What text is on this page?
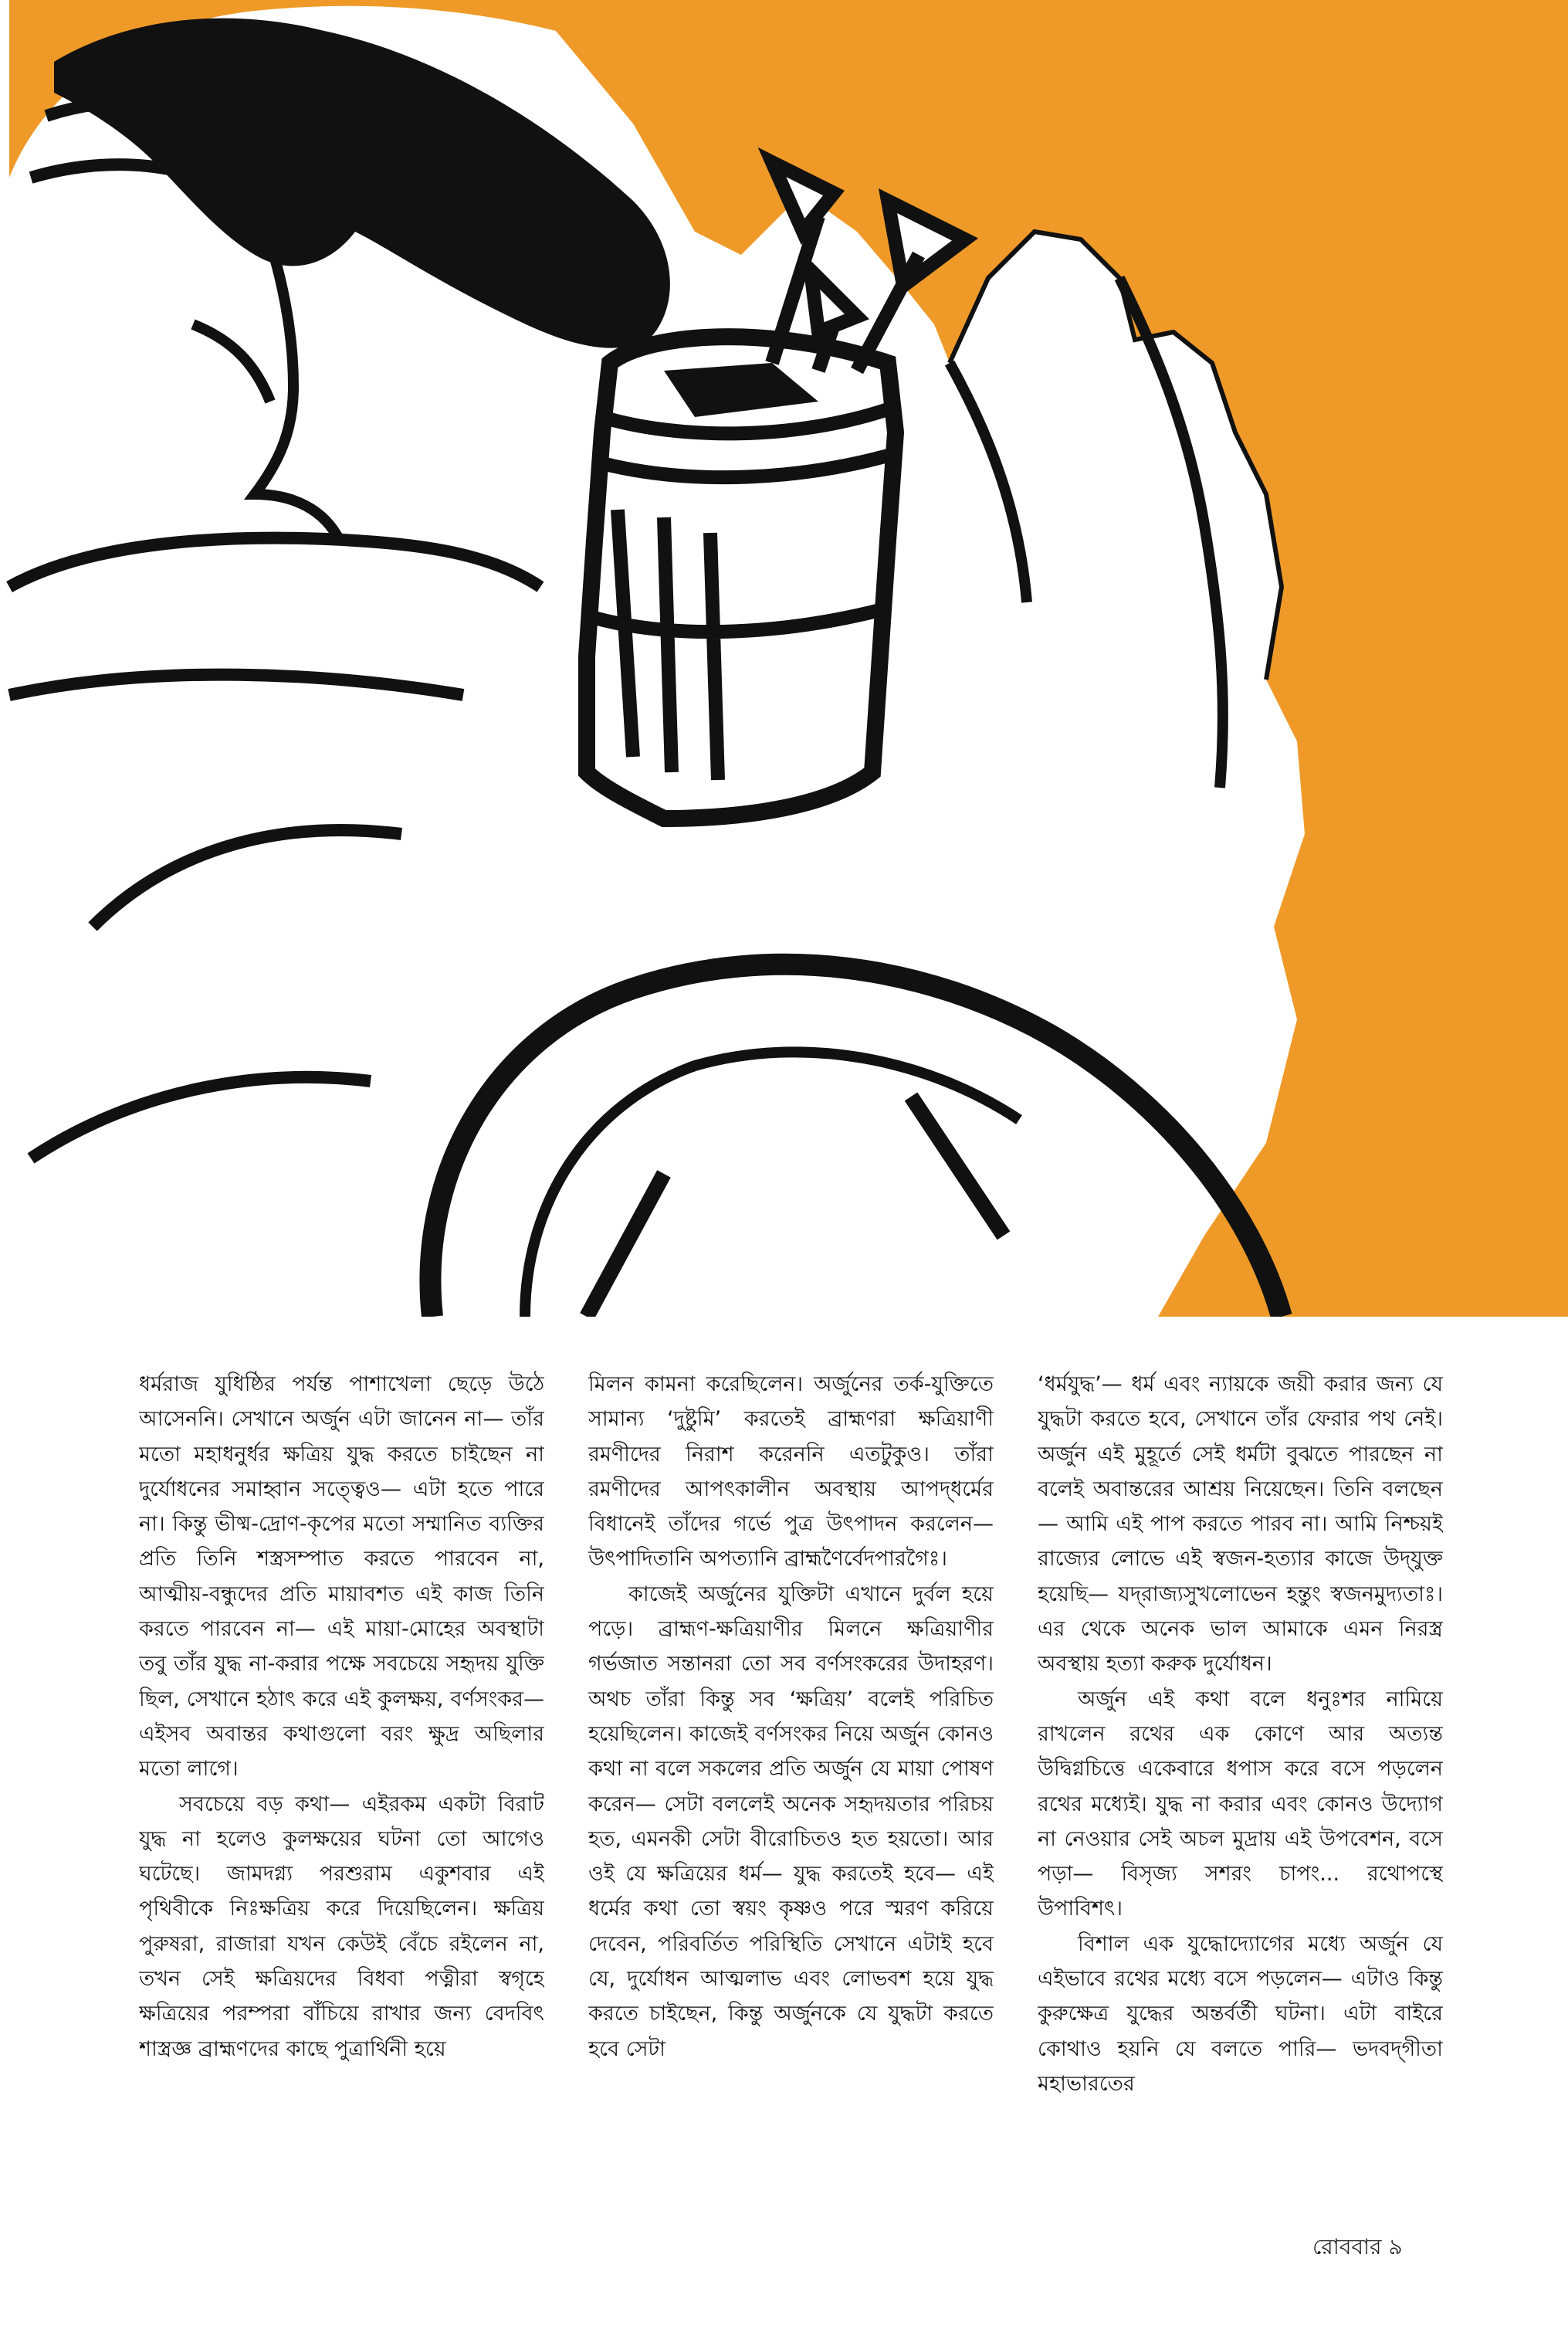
ধর্মরাজ যুধিষ্ঠির পর্যন্ত পাশাখেলা ছেড়ে উঠে আসেননি। সেখানে অর্জুন এটা জানেন না— তাঁর মতো মহাধনুর্ধর ক্ষত্রিয় যুদ্ধ করতে চাইছেন না দুর্যোধনের সমাহ্বান সত্ত্বেও— এটা হতে পারে না। কিন্তু ভীষ্ম-দ্রোণ-কৃপের মতো সম্মানিত ব্যক্তির প্রতি তিনি শস্ত্রসম্পাত করতে পারবেন না, আত্মীয়-বন্ধুদের প্রতি মায়াবশত এই কাজ তিনি করতে পারবেন না— এই মায়া-মোহের অবস্থাটা তবু তাঁর যুদ্ধ না-করার পক্ষে সবচেয়ে সহৃদয় যুক্তি ছিল, সেখানে হঠাৎ করে এই কুলক্ষয়, বর্ণসংকর— এইসব অবান্তর কথাগুলো বরং ক্ষুদ্র অছিলার মতো লাগে।

সবচেয়ে বড় কথা— এইরকম একটা বিরাট যুদ্ধ না হলেও কুলক্ষয়ের ঘটনা তো আগেও ঘটেছে। জামদগ্ন্য পরশুরাম একুশবার এই পৃথিবীকে নিঃক্ষত্রিয় করে দিয়েছিলেন। ক্ষত্রিয় পুরুষরা, রাজারা যখন কেউই বেঁচে রইলেন না, তখন সেই ক্ষত্রিয়দের বিধবা পত্নীরা স্বগৃহে ক্ষত্রিয়ের পরম্পরা বাঁচিয়ে রাখার জন্য বেদবিৎ শাস্ত্রজ্ঞ ব্রাহ্মণদের কাছে পুত্রার্থিনী হয়ে

মিলন কামনা করেছিলেন। অর্জুনের তর্ক-যুক্তিতে সামান্য ‘দুষ্টুমি’ করতেই ব্রাহ্মণরা ক্ষত্রিয়াণী রমণীদের নিরাশ করেননি এতটুকুও। তাঁরা রমণীদের আপৎকালীন অবস্থায় আপদ্‌ধর্মের বিধানেই তাঁদের গর্ভে পুত্র উৎপাদন করলেন— উৎপাদিতানি অপত্যানি ব্রাহ্মণৈর্বেদপারগৈঃ।

কাজেই অর্জুনের যুক্তিটা এখানে দুর্বল হয়ে পড়ে। ব্রাহ্মণ-ক্ষত্রিয়াণীর মিলনে ক্ষত্রিয়াণীর গর্ভজাত সন্তানরা তো সব বর্ণসংকরের উদাহরণ। অথচ তাঁরা কিন্তু সব ‘ক্ষত্রিয়’ বলেই পরিচিত হয়েছিলেন। কাজেই বর্ণসংকর নিয়ে অর্জুন কোনও কথা না বলে সকলের প্রতি অর্জুন যে মায়া পোষণ করেন— সেটা বললেই অনেক সহৃদয়তার পরিচয় হত, এমনকী সেটা বীরোচিতও হত হয়তো। আর ওই যে ক্ষত্রিয়ের ধর্ম— যুদ্ধ করতেই হবে— এই ধর্মের কথা তো স্বয়ং কৃষ্ণও পরে স্মরণ করিয়ে দেবেন, পরিবর্তিত পরিস্থিতি সেখানে এটাই হবে যে, দুর্যোধন আত্মলাভ এবং লোভবশ হয়ে যুদ্ধ করতে চাইছেন, কিন্তু অর্জুনকে যে যুদ্ধটা করতে হবে সেটা

‘ধর্মযুদ্ধ’— ধর্ম এবং ন্যায়কে জয়ী করার জন্য যে যুদ্ধটা করতে হবে, সেখানে তাঁর ফেরার পথ নেই। অর্জুন এই মুহূর্তে সেই ধর্মটা বুঝতে পারছেন না বলেই অবান্তরের আশ্রয় নিয়েছেন। তিনি বলছেন— আমি এই পাপ করতে পারব না। আমি নিশ্চয়ই রাজ্যের লোভে এই স্বজন-হত্যার কাজে উদ্‌যুক্ত হয়েছি— যদ্‌রাজ্যসুখলোভেন হন্তুং স্বজনমুদ্যতাঃ। এর থেকে অনেক ভাল আমাকে এমন নিরস্ত্র অবস্থায় হত্যা করুক দুর্যোধন।

অর্জুন এই কথা বলে ধনুঃশর নামিয়ে রাখলেন রথের এক কোণে আর অত্যন্ত উদ্বিগ্নচিত্তে একেবারে ধপাস করে বসে পড়লেন রথের মধ্যেই। যুদ্ধ না করার এবং কোনও উদ্যোগ না নেওয়ার সেই অচল মুদ্রায় এই উপবেশন, বসে পড়া— বিসৃজ্য সশরং চাপং... রথোপস্থে উপাবিশৎ।

বিশাল এক যুদ্ধোদ্যোগের মধ্যে অর্জুন যে এইভাবে রথের মধ্যে বসে পড়লেন— এটাও কিন্তু কুরুক্ষেত্র যুদ্ধের অন্তর্বর্তী ঘটনা। এটা বাইরে কোথাও হয়নি যে বলতে পারি— ভদবদ্‌গীতা মহাভারতের

রোববার ৯
